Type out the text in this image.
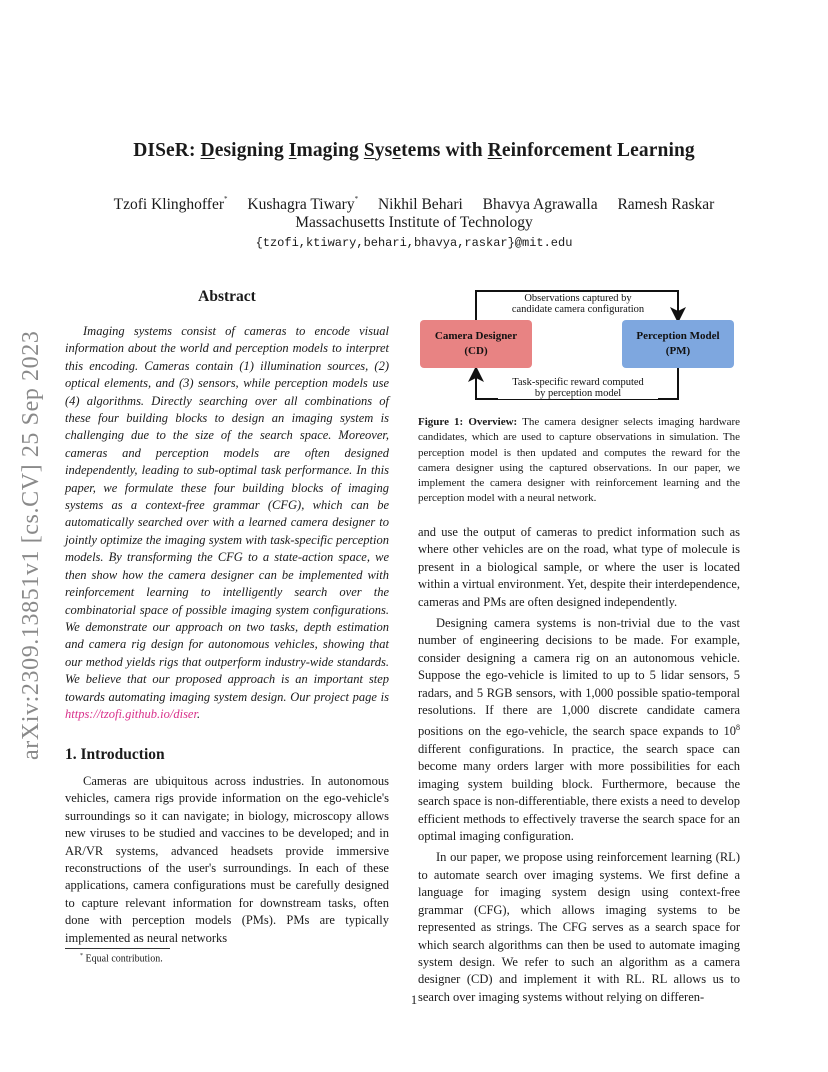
DISeR: Designing Imaging Sysetems with Reinforcement Learning
Tzofi Klinghoffer* Kushagra Tiwary* Nikhil Behari Bhavya Agrawalla Ramesh Raskar
Massachusetts Institute of Technology
{tzofi,ktiwary,behari,bhavya,raskar}@mit.edu
arXiv:2309.13851v1 [cs.CV] 25 Sep 2023
Abstract

Imaging systems consist of cameras to encode visual information about the world and perception models to interpret this encoding. Cameras contain (1) illumination sources, (2) optical elements, and (3) sensors, while perception models use (4) algorithms. Directly searching over all combinations of these four building blocks to design an imaging system is challenging due to the size of the search space. Moreover, cameras and perception models are often designed independently, leading to sub-optimal task performance. In this paper, we formulate these four building blocks of imaging systems as a context-free grammar (CFG), which can be automatically searched over with a learned camera designer to jointly optimize the imaging system with task-specific perception models. By transforming the CFG to a state-action space, we then show how the camera designer can be implemented with reinforcement learning to intelligently search over the combinatorial space of possible imaging system configurations. We demonstrate our approach on two tasks, depth estimation and camera rig design for autonomous vehicles, showing that our method yields rigs that outperform industry-wide standards. We believe that our proposed approach is an important step towards automating imaging system design. Our project page is https://tzofi.github.io/diser.

1. Introduction

Cameras are ubiquitous across industries. In autonomous vehicles, camera rigs provide information on the ego-vehicle's surroundings so it can navigate; in biology, microscopy allows new viruses to be studied and vaccines to be developed; and in AR/VR systems, advanced headsets provide immersive reconstructions of the user's surroundings. In each of these applications, camera configurations must be carefully designed to capture relevant information for downstream tasks, often done with perception models (PMs). PMs are typically implemented as neural networks

* Equal contribution.
Observations captured by
candidate camera configuration
Camera Designer
(CD)
Perception Model
(PM)
Task-specific reward computed
by perception model
Figure 1: Overview: The camera designer selects imaging hardware candidates, which are used to capture observations in simulation. The perception model is then updated and computes the reward for the camera designer using the captured observations. In our paper, we implement the camera designer with reinforcement learning and the perception model with a neural network.

and use the output of cameras to predict information such as where other vehicles are on the road, what type of molecule is present in a biological sample, or where the user is located within a virtual environment. Yet, despite their interdependence, cameras and PMs are often designed independently.

Designing camera systems is non-trivial due to the vast number of engineering decisions to be made. For example, consider designing a camera rig on an autonomous vehicle. Suppose the ego-vehicle is limited to up to 5 lidar sensors, 5 radars, and 5 RGB sensors, with 1,000 possible spatio-temporal resolutions. If there are 1,000 discrete candidate camera positions on the ego-vehicle, the search space expands to $10^8$ different configurations. In practice, the search space can become many orders larger with more possibilities for each imaging system building block. Furthermore, because the search space is non-differentiable, there exists a need to develop efficient methods to effectively traverse the search space for an optimal imaging configuration.

In our paper, we propose using reinforcement learning (RL) to automate search over imaging systems. We first define a language for imaging system design using context-free grammar (CFG), which allows imaging systems to be represented as strings. The CFG serves as a search space for which search algorithms can then be used to automate imaging system design. We refer to such an algorithm as a camera designer (CD) and implement it with RL. RL allows us to search over imaging systems without relying on differen-

1
